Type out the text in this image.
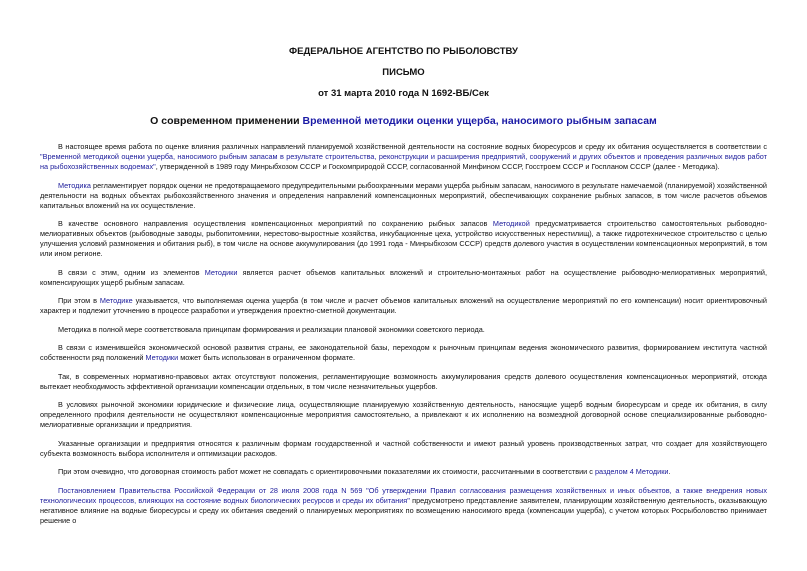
ФЕДЕРАЛЬНОЕ АГЕНТСТВО ПО РЫБОЛОВСТВУ
ПИСЬМО
от 31 марта 2010 года N 1692-ВБ/Сек
О современном применении Временной методики оценки ущерба, наносимого рыбным запасам

В настоящее время работа по оценке влияния различных направлений планируемой хозяйственной деятельности на состояние водных биоресурсов и среду их обитания осуществляется в соответствии с "Временной методикой оценки ущерба, наносимого рыбным запасам в результате строительства, реконструкции и расширения предприятий, сооружений и других объектов и проведения различных видов работ на рыбохозяйственных водоемах", утвержденной в 1989 году Минрыбхозом СССР и Госкомприродой СССР, согласованной Минфином СССР, Госстроем СССР и Госпланом СССР (далее - Методика).

Методика регламентирует порядок оценки не предотвращаемого предупредительными рыбоохранными мерами ущерба рыбным запасам, наносимого в результате намечаемой (планируемой) хозяйственной деятельности на водных объектах рыбохозяйственного значения и определения направлений компенсационных мероприятий, обеспечивающих сохранение рыбных запасов, в том числе расчетов объемов капитальных вложений на их осуществление.

В качестве основного направления осуществления компенсационных мероприятий по сохранению рыбных запасов Методикой предусматривается строительство самостоятельных рыбоводно-мелиоративных объектов (рыбоводные заводы, рыбопитомники, нерестово-выростные хозяйства, инкубационные цеха, устройство искусственных нерестилищ), а также гидротехническое строительство с целью улучшения условий размножения и обитания рыб), в том числе на основе аккумулирования (до 1991 года - Минрыбхозом СССР) средств долевого участия в осуществлении компенсационных мероприятий, в том или ином регионе.

В связи с этим, одним из элементов Методики является расчет объемов капитальных вложений и строительно-монтажных работ на осуществление рыбоводно-мелиоративных мероприятий, компенсирующих ущерб рыбным запасам.

При этом в Методике указывается, что выполняемая оценка ущерба (в том числе и расчет объемов капитальных вложений на осуществление мероприятий по его компенсации) носит ориентировочный характер и подлежит уточнению в процессе разработки и утверждения проектно-сметной документации.

Методика в полной мере соответствовала принципам формирования и реализации плановой экономики советского периода.

В связи с изменившейся экономической основой развития страны, ее законодательной базы, переходом к рыночным принципам ведения экономического развития, формированием института частной собственности ряд положений Методики может быть использован в ограниченном формате.

Так, в современных нормативно-правовых актах отсутствуют положения, регламентирующие возможность аккумулирования средств долевого осуществления компенсационных мероприятий, отсюда вытекает необходимость эффективной организации компенсации отдельных, в том числе незначительных ущербов.

В условиях рыночной экономики юридические и физические лица, осуществляющие планируемую хозяйственную деятельность, наносящие ущерб водным биоресурсам и среде их обитания, в силу определенного профиля деятельности не осуществляют компенсационные мероприятия самостоятельно, а привлекают к их исполнению на возмездной договорной основе специализированные рыбоводно-мелиоративные организации и предприятия.

Указанные организации и предприятия относятся к различным формам государственной и частной собственности и имеют разный уровень производственных затрат, что создает для хозяйствующего субъекта возможность выбора исполнителя и оптимизации расходов.

При этом очевидно, что договорная стоимость работ может не совпадать с ориентировочными показателями их стоимости, рассчитанными в соответствии с разделом 4 Методики.

Постановлением Правительства Российской Федерации от 28 июля 2008 года N 569 "Об утверждении Правил согласования размещения хозяйственных и иных объектов, а также внедрения новых технологических процессов, влияющих на состояние водных биологических ресурсов и среды их обитания" предусмотрено представление заявителем, планирующим хозяйственную деятельность, оказывающую негативное влияние на водные биоресурсы и среду их обитания сведений о планируемых мероприятиях по возмещению наносимого вреда (компенсации ущерба), с учетом которых Росрыболовство принимает решение о
